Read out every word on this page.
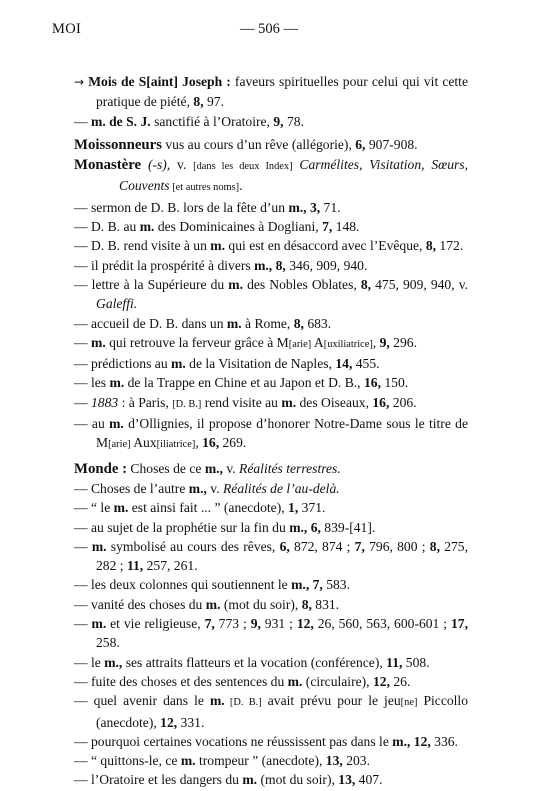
MOI	— 506 —
→ Mois de S[aint] Joseph : faveurs spirituelles pour celui qui vit cette pratique de piété, 8, 97.
— m. de S. J. sanctifié à l’Oratoire, 9, 78.
Moissonneurs vus au cours d’un rêve (allégorie), 6, 907-908.
Monastère (-s), v. [dans les deux Index] Carmélites, Visitation, Sœurs, Couvents [et autres noms].
— sermon de D. B. lors de la fête d’un m., 3, 71.
— D. B. au m. des Dominicaines à Dogliani, 7, 148.
— D. B. rend visite à un m. qui est en désaccord avec l’Evêque, 8, 172.
— il prédit la prospérité à divers m., 8, 346, 909, 940.
— lettre à la Supérieure du m. des Nobles Oblates, 8, 475, 909, 940, v. Galeffi.
— accueil de D. B. dans un m. à Rome, 8, 683.
— m. qui retrouve la ferveur grâce à M[arie] A[uxiliatrice], 9, 296.
— prédictions au m. de la Visitation de Naples, 14, 455.
— les m. de la Trappe en Chine et au Japon et D. B., 16, 150.
— 1883 : à Paris, [D. B.] rend visite au m. des Oiseaux, 16, 206.
— au m. d’Ollignies, il propose d’honorer Notre-Dame sous le titre de M[arie] Aux[iliatrice], 16, 269.
Monde : Choses de ce m., v. Réalités terrestres.
— Choses de l’autre m., v. Réalités de l’au-delà.
— “ le m. est ainsi fait ... ” (anecdote), 1, 371.
— au sujet de la prophétie sur la fin du m., 6, 839-[41].
— m. symbolisé au cours des rêves, 6, 872, 874 ; 7, 796, 800 ; 8, 275, 282 ; 11, 257, 261.
— les deux colonnes qui soutiennent le m., 7, 583.
— vanité des choses du m. (mot du soir), 8, 831.
— m. et vie religieuse, 7, 773 ; 9, 931 ; 12, 26, 560, 563, 600-601 ; 17, 258.
— le m., ses attraits flatteurs et la vocation (conférence), 11, 508.
— fuite des choses et des sentences du m. (circulaire), 12, 26.
— quel avenir dans le m. [D. B.] avait prévu pour le jeu[ne] Piccollo (anecdote), 12, 331.
— pourquoi certaines vocations ne réussissent pas dans le m., 12, 336.
— “ quittons-le, ce m. trompeur ” (anecdote), 13, 203.
— l’Oratoire et les dangers du m. (mot du soir), 13, 407.
